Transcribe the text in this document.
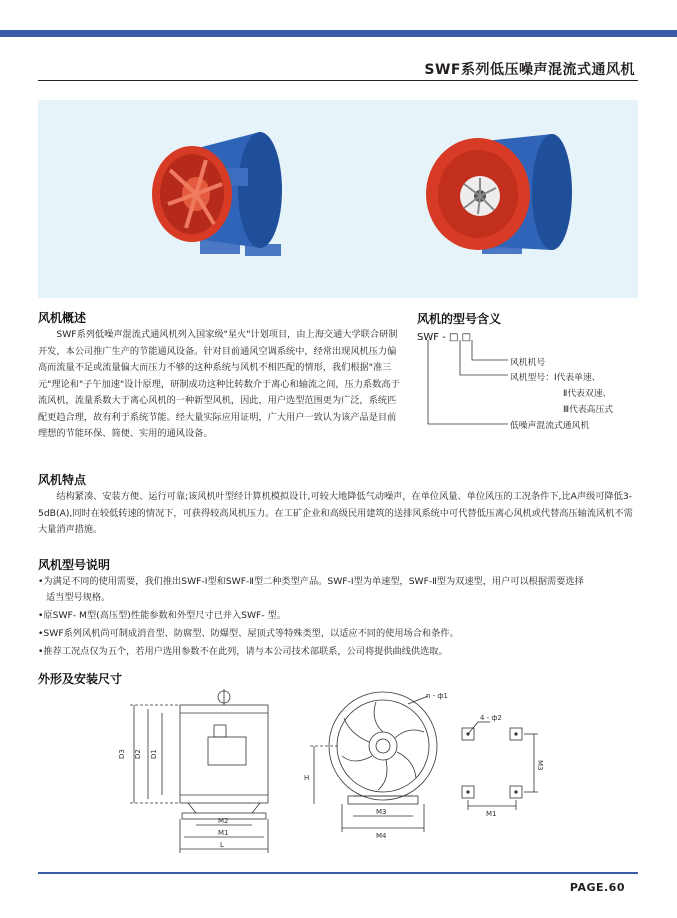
SWF系列低压噪声混流式通风机
风机概述

SWF系列低噪声混流式通风机列入国家级"星火"计划项目，由上海交通大学联合研制开发，本公司推广生产的节能通风设备。针对目前通风空调系统中，经常出现风机压力偏高而流量不足或流量偏大而压力不够的这种系统与风机不相匹配的情形，我们根据"准三元"理论和"子午加速"设计原理，研制成功这种比转数介于离心和轴流之间，压力系数高于流风机，流量系数大于离心风机的一种新型风机，因此，用户选型范围更为广泛，系统匹配更趋合理，故有利于系统节能。经大量实际应用证明，广大用户一致认为该产品是目前理想的节能环保、简便、实用的通风设备。

风机的型号含义
SWF - □ □
风机机号
风机型号：Ⅰ代表单速、
Ⅱ代表双速、
Ⅲ代表高压式
低噪声混流式通风机
风机特点

结构紧凑、安装方便、运行可靠;该风机叶型经计算机模拟设计,可较大地降低气动噪声，在单位风量、单位风压的工况条件下,比A声级可降低3-5dB(A),同时在较低转速的情况下，可获得较高风机压力。在工矿企业和高级民用建筑的送排风系统中可代替低压离心风机或代替高压轴流风机不需大量消声措施。

风机型号说明
•为满足不同的使用需要，我们推出SWF-Ⅰ型和SWF-Ⅱ型二种类型产品。SWF-Ⅰ型为单速型，SWF-Ⅱ型为双速型，用户可以根据需要选择
适当型号规格。
•原SWF- M型(高压型)性能参数和外型尺寸已并入SWF- 型。
•SWF系列风机尚可制成消音型、防腐型、防爆型、屋顶式等特殊类型，以适应不同的使用场合和条件。
•推荐工况点仅为五个，若用户选用参数不在此列，请与本公司技术部联系，公司将提供曲线供选取。
外形及安装尺寸
D3 D2 D1
M2
M1
L
n - ф1
H
M3
M4
4 - ф2
M3
M1
PAGE.60
